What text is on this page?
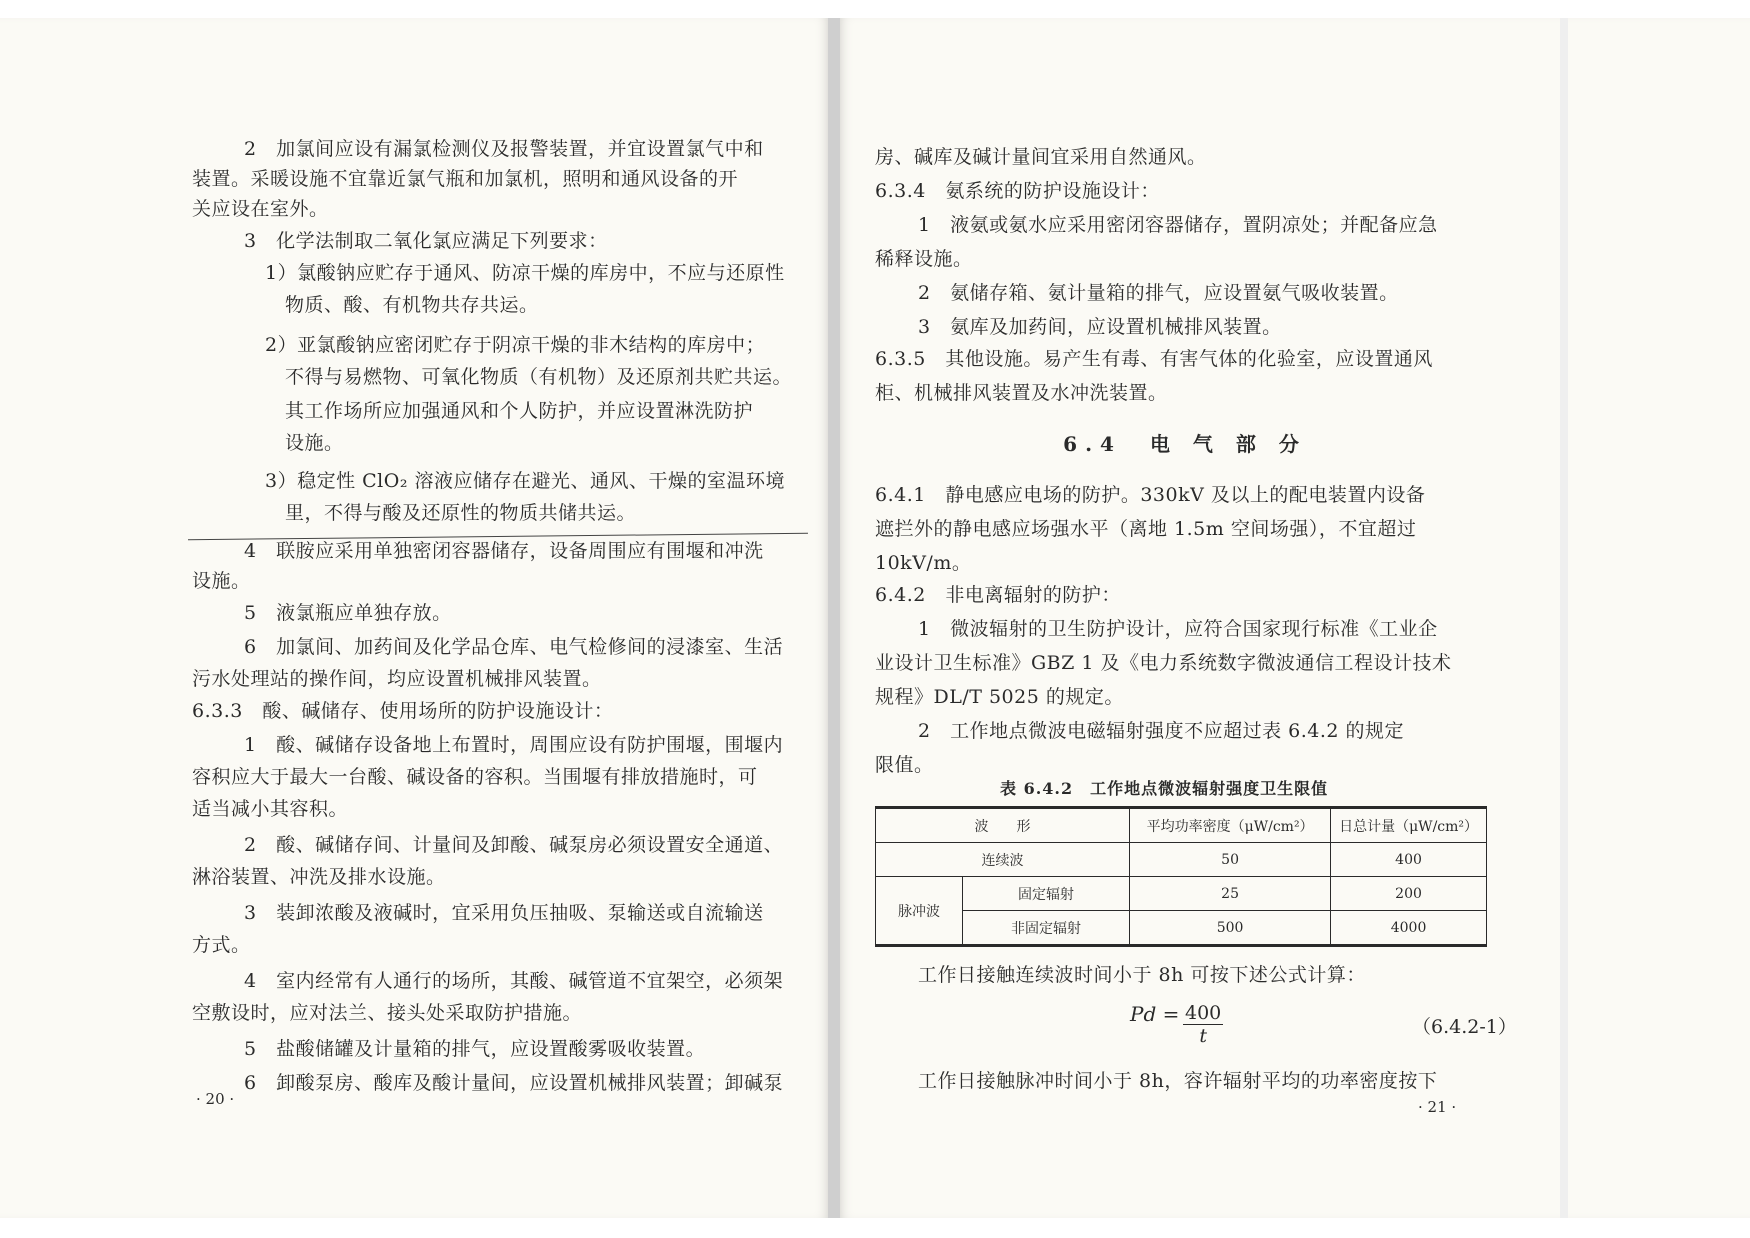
2　加氯间应设有漏氯检测仪及报警装置，并宜设置氯气中和

装置。采暖设施不宜靠近氯气瓶和加氯机，照明和通风设备的开

关应设在室外。

3　化学法制取二氧化氯应满足下列要求：

1）氯酸钠应贮存于通风、防凉干燥的库房中，不应与还原性

物质、酸、有机物共存共运。

2）亚氯酸钠应密闭贮存于阴凉干燥的非木结构的库房中；

不得与易燃物、可氧化物质（有机物）及还原剂共贮共运。

其工作场所应加强通风和个人防护，并应设置淋洗防护

设施。

3）稳定性 ClO₂ 溶液应储存在避光、通风、干燥的室温环境

里，不得与酸及还原性的物质共储共运。

4　联胺应采用单独密闭容器储存，设备周围应有围堰和冲洗

设施。

5　液氯瓶应单独存放。

6　加氯间、加药间及化学品仓库、电气检修间的浸漆室、生活

污水处理站的操作间，均应设置机械排风装置。

6.3.3　酸、碱储存、使用场所的防护设施设计：

1　酸、碱储存设备地上布置时，周围应设有防护围堰，围堰内

容积应大于最大一台酸、碱设备的容积。当围堰有排放措施时，可

适当减小其容积。

2　酸、碱储存间、计量间及卸酸、碱泵房必须设置安全通道、

淋浴装置、冲洗及排水设施。

3　装卸浓酸及液碱时，宜采用负压抽吸、泵输送或自流输送

方式。

4　室内经常有人通行的场所，其酸、碱管道不宜架空，必须架

空敷设时，应对法兰、接头处采取防护措施。

5　盐酸储罐及计量箱的排气，应设置酸雾吸收装置。

6　卸酸泵房、酸库及酸计量间，应设置机械排风装置；卸碱泵

· 20 ·

房、碱库及碱计量间宜采用自然通风。

6.3.4　氨系统的防护设施设计：

1　液氨或氨水应采用密闭容器储存，置阴凉处；并配备应急

稀释设施。

2　氨储存箱、氨计量箱的排气，应设置氨气吸收装置。

3　氨库及加药间，应设置机械排风装置。

6.3.5　其他设施。易产生有毒、有害气体的化验室，应设置通风

柜、机械排风装置及水冲洗装置。

6.4　电 气 部 分

6.4.1　静电感应电场的防护。330kV 及以上的配电装置内设备

遮拦外的静电感应场强水平（离地 1.5m 空间场强），不宜超过

10kV/m。

6.4.2　非电离辐射的防护：

1　微波辐射的卫生防护设计，应符合国家现行标准《工业企

业设计卫生标准》GBZ 1 及《电力系统数字微波通信工程设计技术

规程》DL/T 5025 的规定。

2　工作地点微波电磁辐射强度不应超过表 6.4.2 的规定

限值。

表 6.4.2　工作地点微波辐射强度卫生限值
波　　形		平均功率密度（μW/cm²）	日总计量（μW/cm²）
连续波		50	400
脉冲波	固定辐射	25	200
	非固定辐射	500	4000

工作日接触连续波时间小于 8h 可按下述公式计算：

$Pd = \frac{400}{t}$	（6.4.2-1）

工作日接触脉冲时间小于 8h，容许辐射平均的功率密度按下

· 21 ·
